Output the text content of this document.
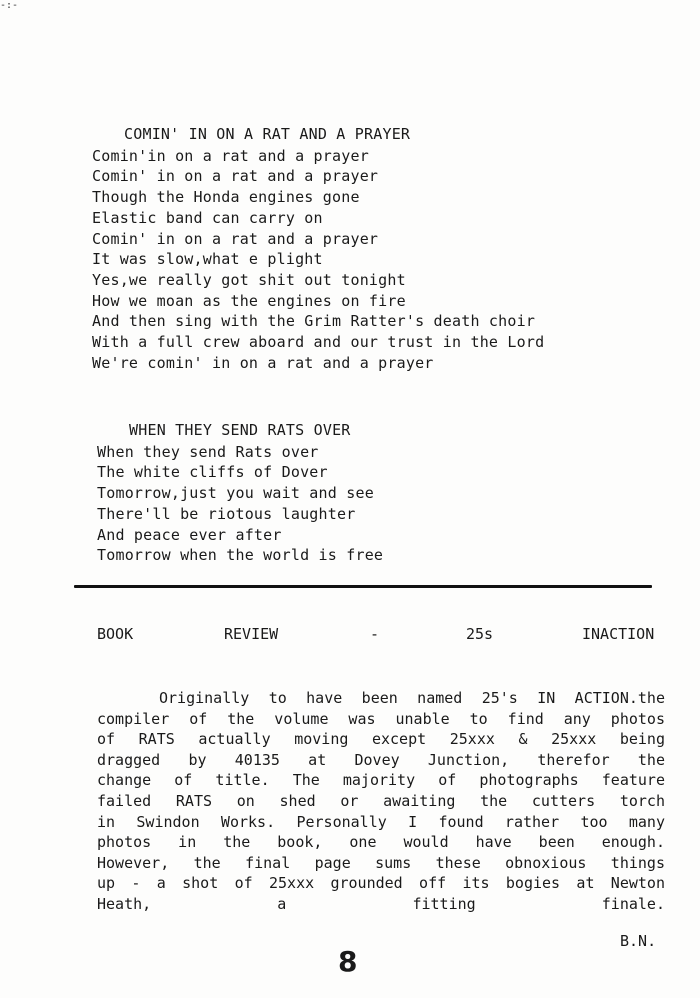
-:-
COMIN' IN ON A RAT AND A PRAYER
Comin'in on a rat and a prayer
Comin' in on a rat and a prayer
Though the Honda engines gone
Elastic band can carry on
Comin' in on a rat and a prayer
It was slow,what e plight
Yes,we really got shit out tonight
How we moan as the engines on fire
And then sing with the Grim Ratter's death choir
With a full crew aboard and our trust in the Lord
We're comin' in on a rat and a prayer
WHEN THEY SEND RATS OVER
When they send Rats over
The white cliffs of Dover
Tomorrow,just you wait and see
There'll be riotous laughter
And peace ever after
Tomorrow when the world is free
BOOK	REVIEW	-	25s	INACTION
Originally to have been named 25's IN ACTION.the
compiler of the volume was unable to find any photos
of RATS actually moving except 25xxx & 25xxx being
dragged by 40135 at Dovey Junction, therefor the
change of title. The majority of photographs feature
failed RATS on shed or awaiting the cutters torch
in Swindon Works. Personally I found rather too many
photos in the book, one would have been enough.
However, the final page sums these obnoxious things
up - a shot of 25xxx grounded off its bogies at Newton
Heath, a fitting finale.
B.N.
8
